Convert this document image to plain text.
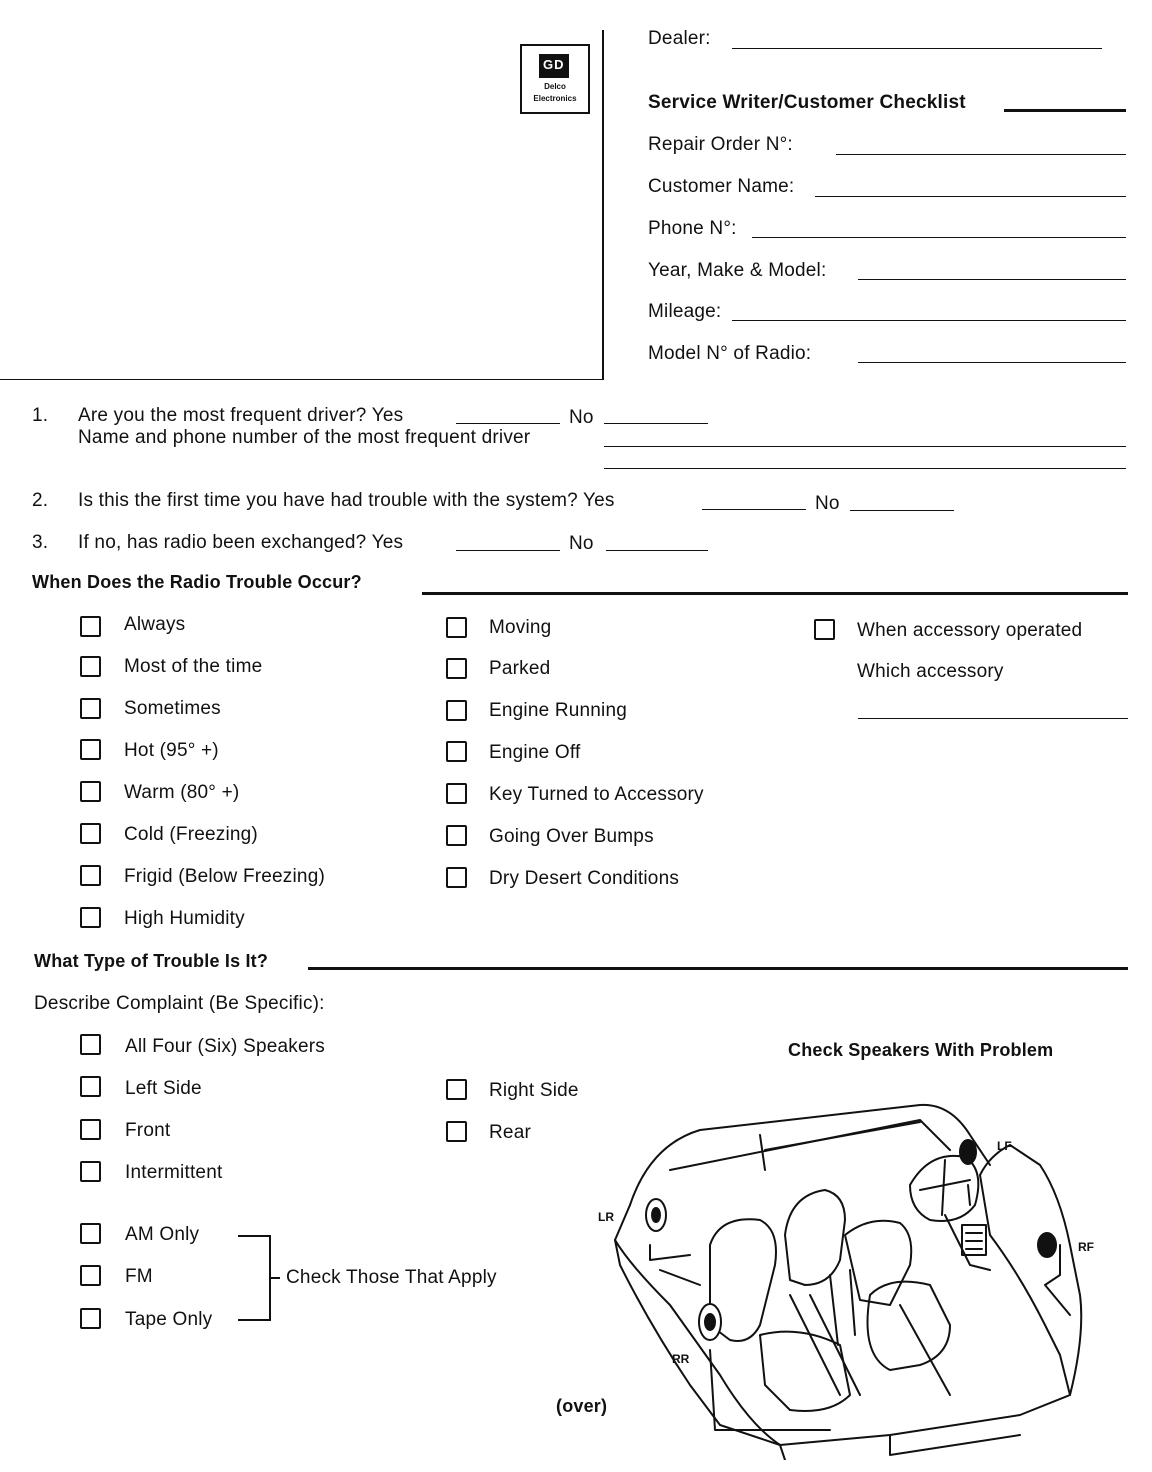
GD
Delco
Electronics
Dealer:
Service Writer/Customer Checklist
Repair Order N°:
Customer Name:
Phone N°:
Year, Make & Model:
Mileage:
Model N° of Radio:
1. Are you the most frequent driver? Yes	No
Name and phone number of the most frequent driver
2. Is this the first time you have had trouble with the system? Yes	No
3. If no, has radio been exchanged? Yes	No
When Does the Radio Trouble Occur?
Always
Most of the time
Sometimes
Hot (95° +)
Warm (80° +)
Cold (Freezing)
Frigid (Below Freezing)
High Humidity
Moving
Parked
Engine Running
Engine Off
Key Turned to Accessory
Going Over Bumps
Dry Desert Conditions
When accessory operated
Which accessory
What Type of Trouble Is It?
Describe Complaint (Be Specific):
All Four (Six) Speakers
Left Side
Front
Intermittent
Right Side
Rear
AM Only
FM
Tape Only
Check Those That Apply
Check Speakers With Problem
LF
LR
RF
RR
(over)
